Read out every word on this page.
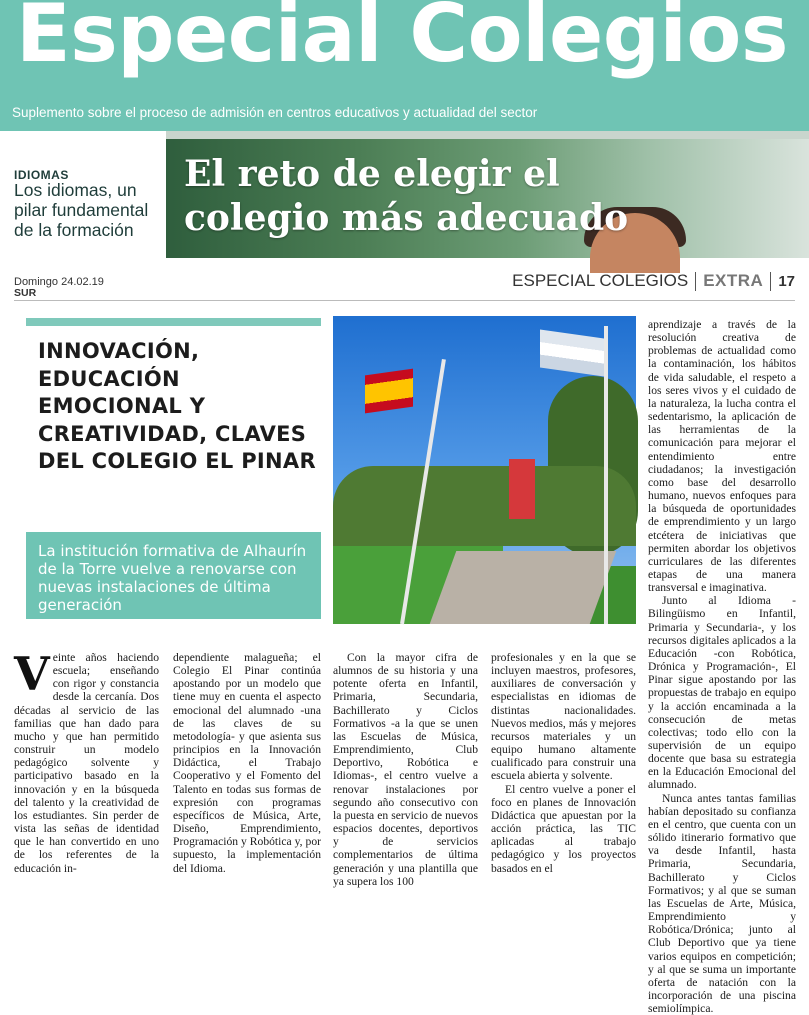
Especial Colegios
Suplemento sobre el proceso de admisión en centros educativos y actualidad del sector
IDIOMAS
Los idiomas, un pilar fundamental de la formación
El reto de elegir el colegio más adecuado
Domingo 24.02.19
SUR
ESPECIAL COLEGIOS EXTRA 17
INNOVACIÓN, EDUCACIÓN EMOCIONAL Y CREATIVIDAD, CLAVES DEL COLEGIO EL PINAR
La institución formativa de Alhaurín de la Torre vuelve a renovarse con nuevas instalaciones de última generación

Veinte años haciendo escuela; enseñando con rigor y constancia desde la cercanía. Dos décadas al servicio de las familias que han dado para mucho y que han permitido construir un modelo pedagógico solvente y participativo basado en la innovación y en la búsqueda del talento y la creatividad de los estudiantes. Sin perder de vista las señas de identidad que le han convertido en uno de los referentes de la educación in-

dependiente malagueña; el Colegio El Pinar continúa apostando por un modelo que tiene muy en cuenta el aspecto emocional del alumnado -una de las claves de su metodología- y que asienta sus principios en la Innovación Didáctica, el Trabajo Cooperativo y el Fomento del Talento en todas sus formas de expresión con programas específicos de Música, Arte, Diseño, Emprendimiento, Programación y Robótica y, por supuesto, la implementación del Idioma.

Con la mayor cifra de alumnos de su historia y una potente oferta en Infantil, Primaria, Secundaria, Bachillerato y Ciclos Formativos -a la que se unen las Escuelas de Música, Emprendimiento, Club Deportivo, Robótica e Idiomas-, el centro vuelve a renovar instalaciones por segundo año consecutivo con la puesta en servicio de nuevos espacios docentes, deportivos y de servicios complementarios de última generación y una plantilla que ya supera los 100

profesionales y en la que se incluyen maestros, profesores, auxiliares de conversación y especialistas en idiomas de distintas nacionalidades. Nuevos medios, más y mejores recursos materiales y un equipo humano altamente cualificado para construir una escuela abierta y solvente.

El centro vuelve a poner el foco en planes de Innovación Didáctica que apuestan por la acción práctica, las TIC aplicadas al trabajo pedagógico y los proyectos basados en el

aprendizaje a través de la resolución creativa de problemas de actualidad como la contaminación, los hábitos de vida saludable, el respeto a los seres vivos y el cuidado de la naturaleza, la lucha contra el sedentarismo, la aplicación de las herramientas de la comunicación para mejorar el entendimiento entre ciudadanos; la investigación como base del desarrollo humano, nuevos enfoques para la búsqueda de oportunidades de emprendimiento y un largo etcétera de iniciativas que permiten abordar los objetivos curriculares de las diferentes etapas de una manera transversal e imaginativa.

Junto al Idioma -Bilingüismo en Infantil, Primaria y Secundaria-, y los recursos digitales aplicados a la Educación -con Robótica, Drónica y Programación-, El Pinar sigue apostando por las propuestas de trabajo en equipo y la acción encaminada a la consecución de metas colectivas; todo ello con la supervisión de un equipo docente que basa su estrategia en la Educación Emocional del alumnado.

Nunca antes tantas familias habían depositado su confianza en el centro, que cuenta con un sólido itinerario formativo que va desde Infantil, hasta Primaria, Secundaria, Bachillerato y Ciclos Formativos; y al que se suman las Escuelas de Arte, Música, Emprendimiento y Robótica/Drónica; junto al Club Deportivo que ya tiene varios equipos en competición; y al que se suma un importante oferta de natación con la incorporación de una piscina semiolímpica.
